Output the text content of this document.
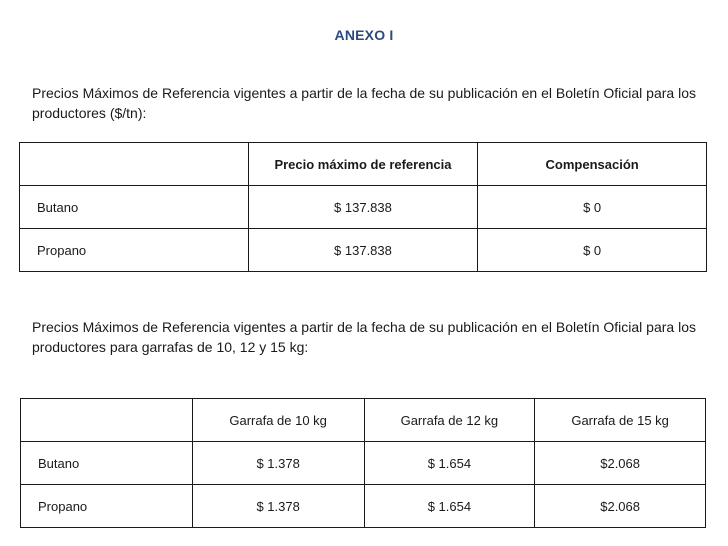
ANEXO I

Precios Máximos de Referencia vigentes a partir de la fecha de su publicación en el Boletín Oficial para los productores ($/tn):

	Precio máximo de referencia	Compensación
Butano	$ 137.838	$ 0
Propano	$ 137.838	$ 0

Precios Máximos de Referencia vigentes a partir de la fecha de su publicación en el Boletín Oficial para los productores para garrafas de 10, 12 y 15 kg:

	Garrafa de 10 kg	Garrafa de 12 kg	Garrafa de 15 kg
Butano	$ 1.378	$ 1.654	$2.068
Propano	$ 1.378	$ 1.654	$2.068
